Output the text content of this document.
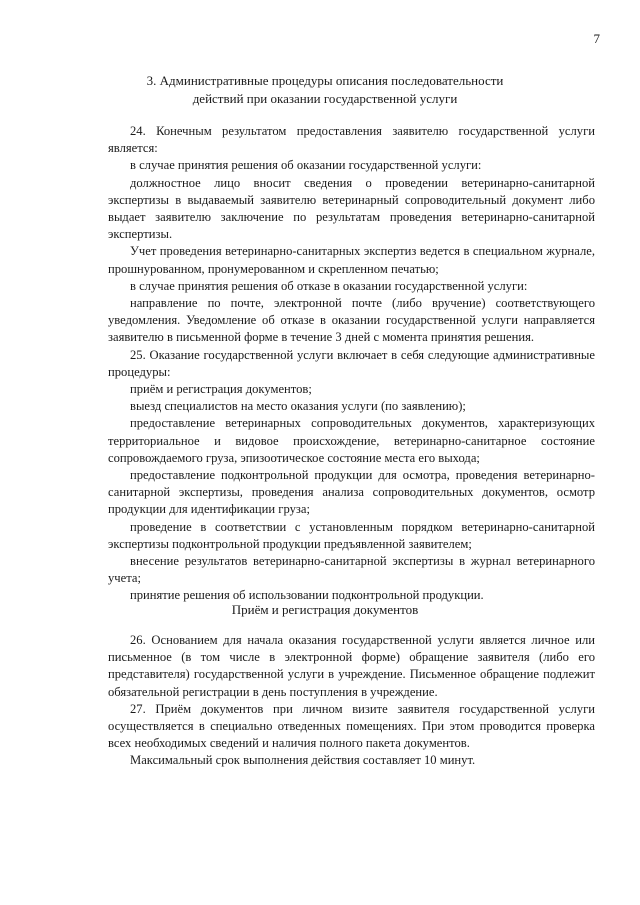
7
3. Административные процедуры описания последовательности
действий при оказании государственной услуги

24. Конечным результатом предоставления заявителю государственной услуги является:

в случае принятия решения об оказании государственной услуги:

должностное лицо вносит сведения о проведении ветеринарно-санитарной экспертизы в выдаваемый заявителю ветеринарный сопроводительный документ либо выдает заявителю заключение по результатам проведения ветеринарно-санитарной экспертизы.

Учет проведения ветеринарно-санитарных экспертиз ведется в специальном журнале, прошнурованном, пронумерованном и скрепленном печатью;

в случае принятия решения об отказе в оказании государственной услуги:

направление по почте, электронной почте (либо вручение) соответствующего уведомления. Уведомление об отказе в оказании государственной услуги направляется заявителю в письменной форме в течение 3 дней с момента принятия решения.

25. Оказание государственной услуги включает в себя следующие административные процедуры:

приём и регистрация документов;

выезд специалистов на место оказания услуги (по заявлению);

предоставление ветеринарных сопроводительных документов, характеризующих территориальное и видовое происхождение, ветеринарно-санитарное состояние сопровождаемого груза, эпизоотическое состояние места его выхода;

предоставление подконтрольной продукции для осмотра, проведения ветеринарно-санитарной экспертизы, проведения анализа сопроводительных документов, осмотр продукции для идентификации груза;

проведение в соответствии с установленным порядком ветеринарно-санитарной экспертизы подконтрольной продукции предъявленной заявителем;

внесение результатов ветеринарно-санитарной экспертизы в журнал ветеринарного учета;

принятие решения об использовании подконтрольной продукции.

Приём и регистрация документов

26. Основанием для начала оказания государственной услуги является личное или письменное (в том числе в электронной форме) обращение заявителя (либо его представителя) государственной услуги в учреждение. Письменное обращение подлежит обязательной регистрации в день поступления в учреждение.

27. Приём документов при личном визите заявителя государственной услуги осуществляется в специально отведенных помещениях. При этом проводится проверка всех необходимых сведений и наличия полного пакета документов.

Максимальный срок выполнения действия составляет 10 минут.
